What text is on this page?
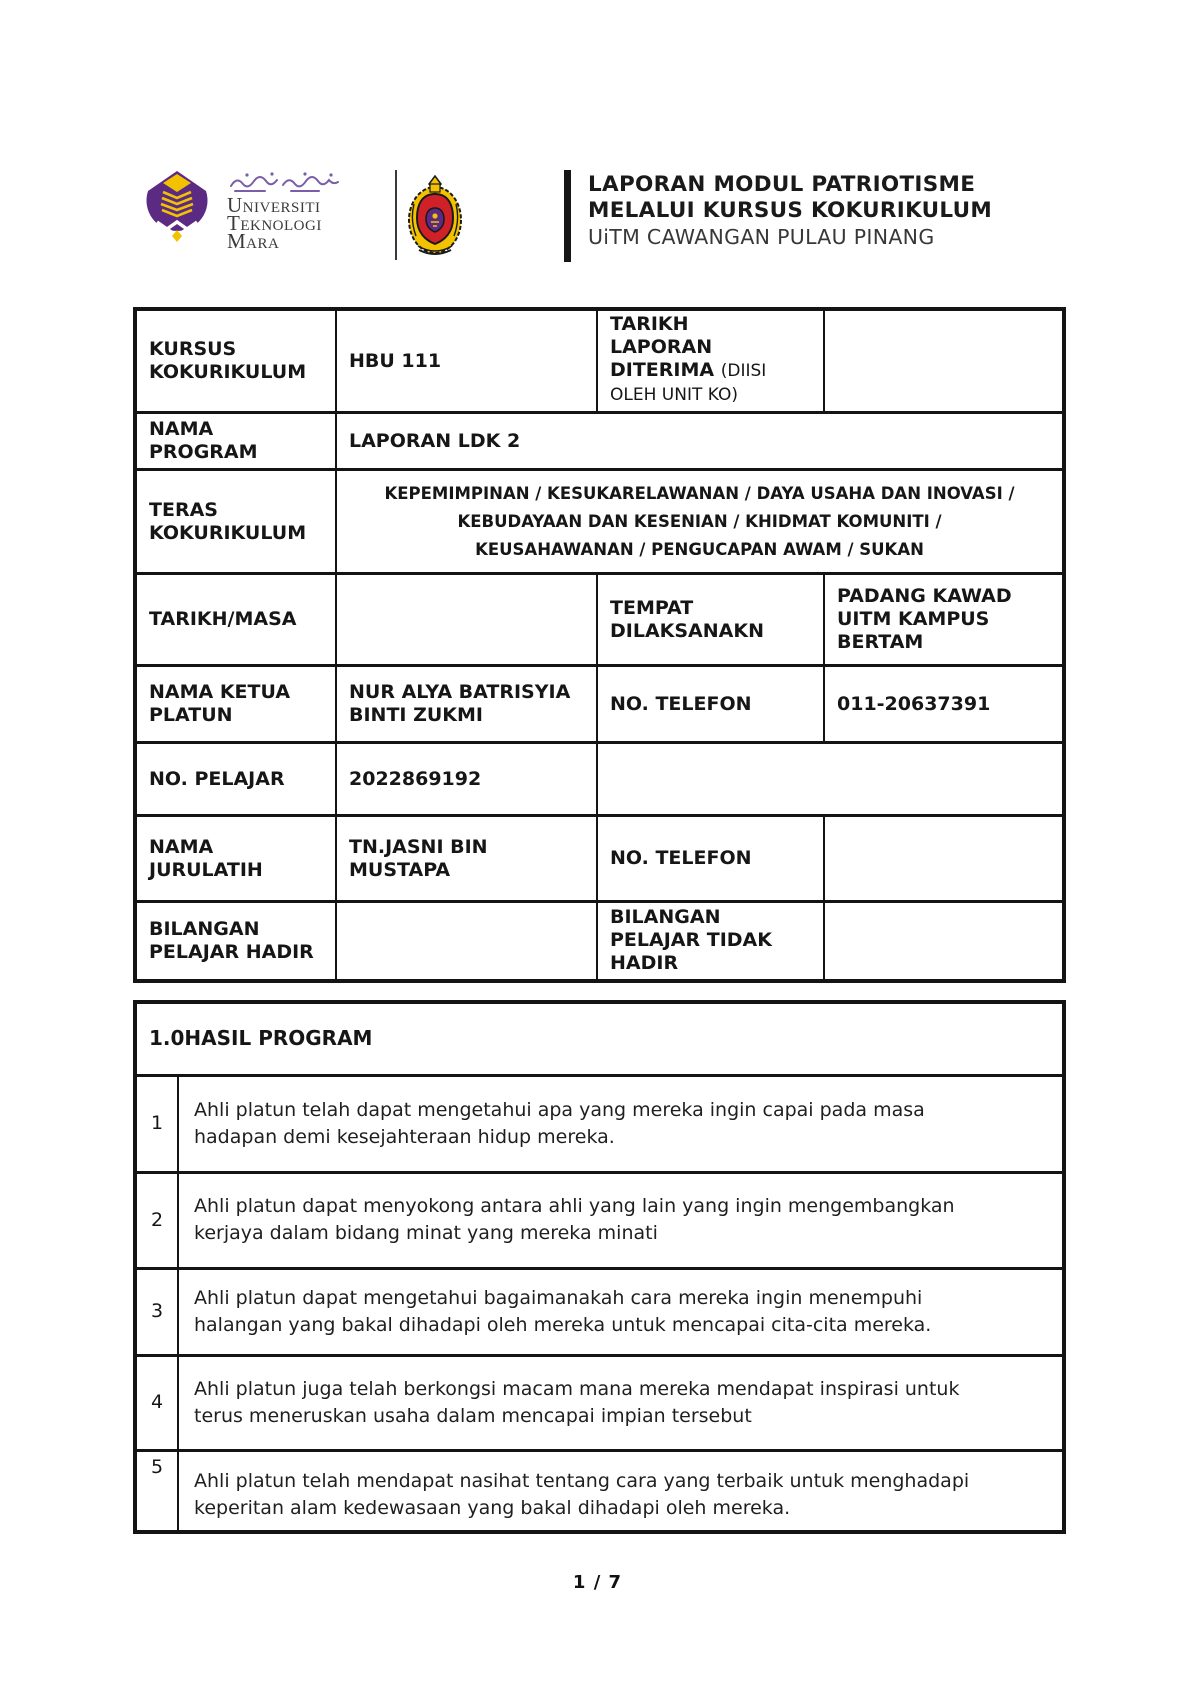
Universiti
Teknologi
Mara
LAPORAN MODUL PATRIOTISME
MELALUI KURSUS KOKURIKULUM
UiTM CAWANGAN PULAU PINANG
KURSUS KOKURIKULUM	HBU 111	TARIKH
LAPORAN
DITERIMA (DIISI
OLEH UNIT KO)	
NAMA PROGRAM	LAPORAN LDK 2		
TERAS KOKURIKULUM	KEPEMIMPINAN / KESUKARELAWANAN / DAYA USAHA DAN INOVASI / KEBUDAYAAN DAN KESENIAN / KHIDMAT KOMUNITI / KEUSAHAWANAN / PENGUCAPAN AWAM / SUKAN		
TARIKH/MASA		TEMPAT DILAKSANAKN	PADANG KAWAD UITM KAMPUS BERTAM
NAMA KETUA PLATUN	NUR ALYA BATRISYIA BINTI ZUKMI	NO. TELEFON	011-20637391
NO. PELAJAR	2022869192		
NAMA JURULATIH	TN.JASNI BIN MUSTAPA	NO. TELEFON	
BILANGAN PELAJAR HADIR		BILANGAN PELAJAR TIDAK HADIR	
1.0HASIL PROGRAM	
1	Ahli platun telah dapat mengetahui apa yang mereka ingin capai pada masa hadapan demi kesejahteraan hidup mereka.
2	Ahli platun dapat menyokong antara ahli yang lain yang ingin mengembangkan kerjaya dalam bidang minat yang mereka minati
3	Ahli platun dapat mengetahui bagaimanakah cara mereka ingin menempuhi halangan yang bakal dihadapi oleh mereka untuk mencapai cita-cita mereka.
4	Ahli platun juga telah berkongsi macam mana mereka mendapat inspirasi untuk terus meneruskan usaha dalam mencapai impian tersebut
5	Ahli platun telah mendapat nasihat tentang cara yang terbaik untuk menghadapi keperitan alam kedewasaan yang bakal dihadapi oleh mereka.
1 / 7
